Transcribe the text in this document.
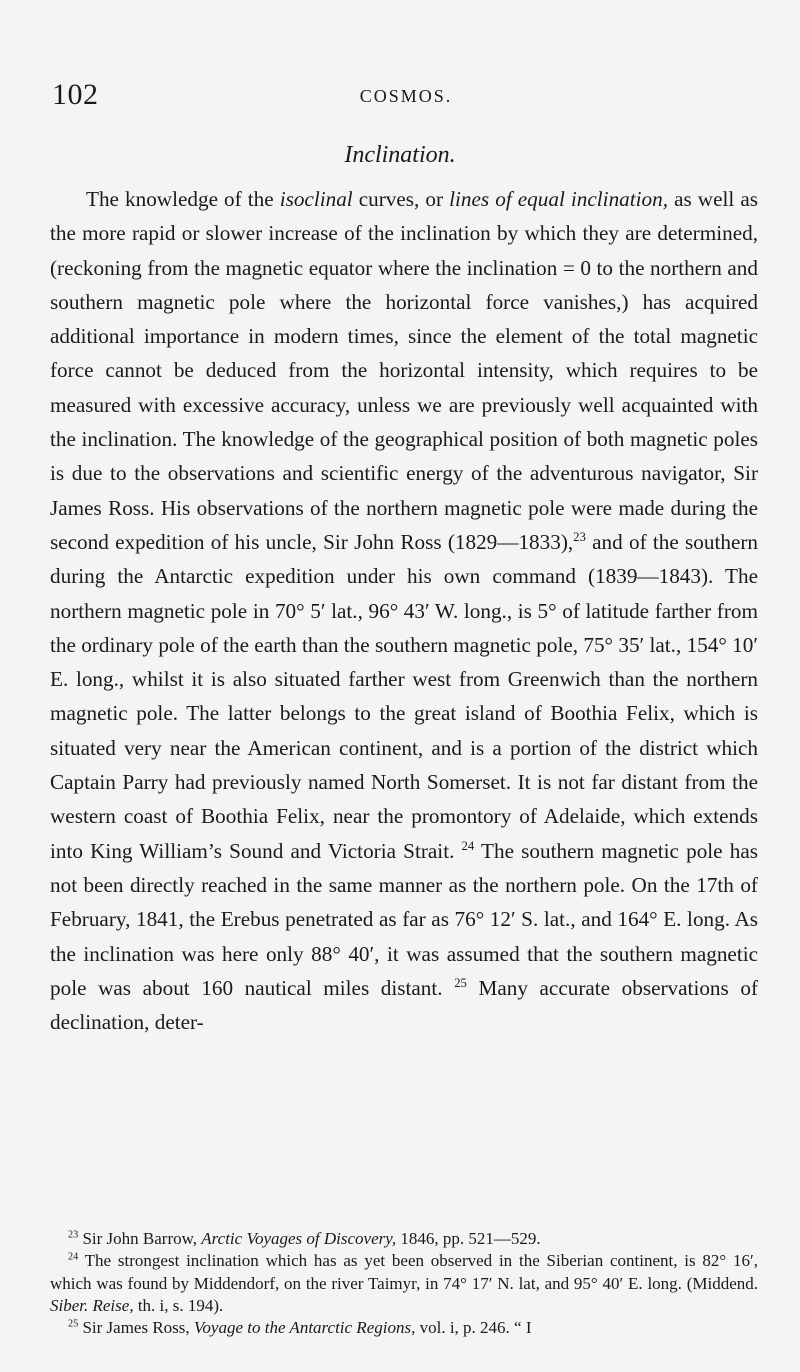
102	COSMOS.
Inclination.

The knowledge of the isoclinal curves, or lines of equal inclination, as well as the more rapid or slower increase of the inclination by which they are determined, (reckoning from the magnetic equator where the inclination = 0 to the northern and southern magnetic pole where the horizontal force vanishes,) has acquired additional importance in modern times, since the element of the total magnetic force cannot be deduced from the horizontal intensity, which requires to be measured with excessive accuracy, unless we are previously well acquainted with the inclination. The knowledge of the geographical position of both magnetic poles is due to the observations and scientific energy of the adventurous navigator, Sir James Ross. His observations of the northern magnetic pole were made during the second expedition of his uncle, Sir John Ross (1829—1833),$^{23}$ and of the southern during the Antarctic expedition under his own command (1839—1843). The northern magnetic pole in 70° 5′ lat., 96° 43′ W. long., is 5° of latitude farther from the ordinary pole of the earth than the southern magnetic pole, 75° 35′ lat., 154° 10′ E. long., whilst it is also situated farther west from Greenwich than the northern magnetic pole. The latter belongs to the great island of Boothia Felix, which is situated very near the American continent, and is a portion of the district which Captain Parry had previously named North Somerset. It is not far distant from the western coast of Boothia Felix, near the promontory of Adelaide, which extends into King William’s Sound and Victoria Strait. $^{24}$ The southern magnetic pole has not been directly reached in the same manner as the northern pole. On the 17th of February, 1841, the Erebus penetrated as far as 76° 12′ S. lat., and 164° E. long. As the inclination was here only 88° 40′, it was assumed that the southern magnetic pole was about 160 nautical miles distant. $^{25}$ Many accurate observations of declination, deter-

$^{23}$ Sir John Barrow, Arctic Voyages of Discovery, 1846, pp. 521—529.

$^{24}$ The strongest inclination which has as yet been observed in the Siberian continent, is 82° 16′, which was found by Middendorf, on the river Taimyr, in 74° 17′ N. lat, and 95° 40′ E. long. (Middend. Siber. Reise, th. i, s. 194).

$^{25}$ Sir James Ross, Voyage to the Antarctic Regions, vol. i, p. 246. “ I
